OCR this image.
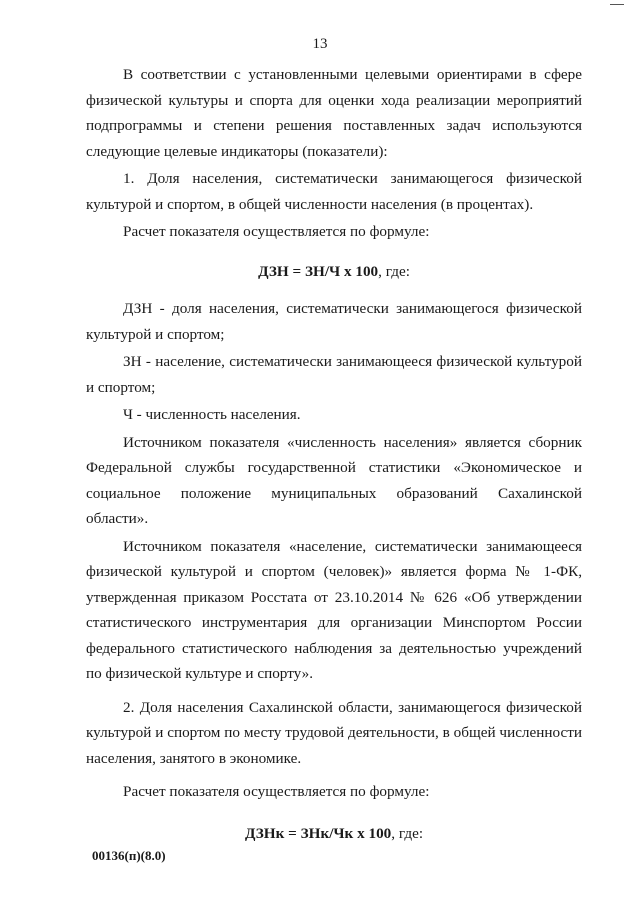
13

В соответствии с установленными целевыми ориентирами в сфере физической культуры и спорта для оценки хода реализации мероприятий подпрограммы и степени решения поставленных задач используются следующие целевые индикаторы (показатели):

1. Доля населения, систематически занимающегося физической культурой и спортом, в общей численности населения (в процентах).

Расчет показателя осуществляется по формуле:

ДЗН = ЗН/Ч х 100, где:

ДЗН - доля населения, систематически занимающегося физической культурой и спортом;

ЗН - население, систематически занимающееся физической культурой и спортом;

Ч - численность населения.

Источником показателя «численность населения» является сборник Федеральной службы государственной статистики «Экономическое и социальное положение муниципальных образований Сахалинской области».

Источником показателя «население, систематически занимающееся физической культурой и спортом (человек)» является форма № 1-ФК, утвержденная приказом Росстата от 23.10.2014 № 626 «Об утверждении статистического инструментария для организации Минспортом России федерального статистического наблюдения за деятельностью учреждений по физической культуре и спорту».

2. Доля населения Сахалинской области, занимающегося физической культурой и спортом по месту трудовой деятельности, в общей численности населения, занятого в экономике.

Расчет показателя осуществляется по формуле:

ДЗНк = ЗНк/Чк х 100, где:

00136(п)(8.0)
